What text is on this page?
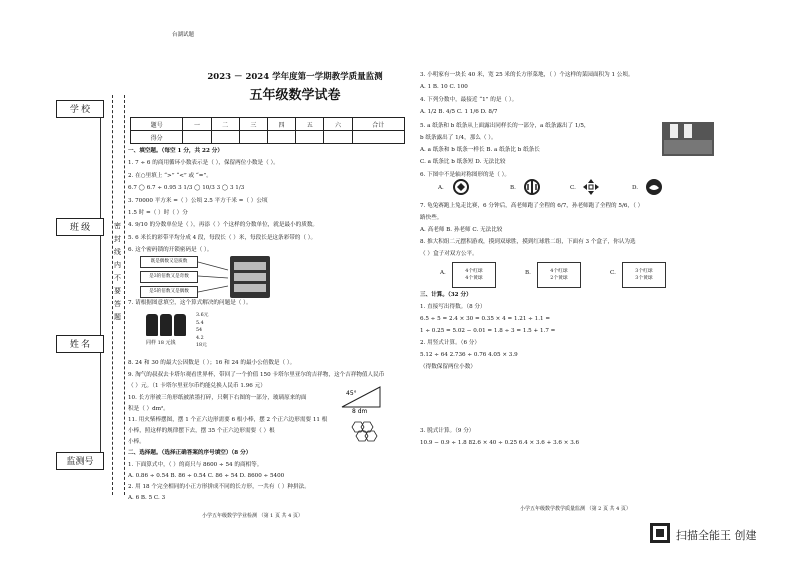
台湖试题
学 校
班 级
姓 名
监测号
密 封 线 内 不 要 答 题
2023 － 2024 学年度第一学期教学质量监测
五年级数学试卷
题号	一	二	三	四	五	六	合计
得分							
一、填空题。（每空 1 分，共 22 分）
1. 7 ÷ 6 的商用循环小数表示是（ ），保留两位小数是（ ）。
2. 在○里填上 “>” “<” 或 “=”。
6.7 ◯ 6.7 ÷ 0.95 3 1/3 ◯ 10/3 3 ◯ 3 1/3
3. 70000 平方米 =（ ）公顷 2.5 平方千米 =（ ）公顷
1.5 时 =（ ）时（ ）分
4. 9/10 的分数单位是（ ），再添（ ）个这样的分数单位，就是最小的质数。
5. 6 米长的彩带平均分成 4 段，每段长（ ）米，每段长是这条彩带的（ ）。
6. 这个密码锁的开锁密码是（ ）。
既是偶数又是质数
是3的倍数又是奇数
是5的倍数又是偶数
7. 请根据图意填空，这个算式解决的问题是（ ）。
同样 18 元钱
3.6元
5.4
54
4.2
18元
8. 24 和 30 的最大公因数是（ ）；16 和 24 的最小公倍数是（ ）。
9. 淘气的叔叔去卡塔尔观看世界杯，带回了一个价值 150 卡塔尔里亚尔的吉祥物，这个吉祥物值人民币
（ ）元。（1 卡塔尔里亚尔币约能兑换人民币 1.96 元）
10. 长方形被三角形纸被浓墨打碎，只剩下右图的一部分，玻璃原来的面
积是（ ）dm²。
45°
8 dm
11. 用火柴棒摆图，摆 1 个正六边形需要 6 根小棒，摆 2 个正六边形需要 11 根
小棒，照这样的规律摆下去，摆 35 个正六边形需要（ ）根
小棒。
二、选择题。（选择正确答案的序号填空）（8 分）
1. 下面算式中，（ ）的商只与 8600 ÷ 54 的商相等。
A. 0.86 ÷ 0.54 B. 86 ÷ 0.54 C. 86 ÷ 54 D. 8600 ÷ 5400
2. 用 18 个完全相同的小正方形拼成不同的长方形，一共有（ ）种拼法。
A. 6 B. 5 C. 3
小学五年级数学学业检测 （第 1 页 共 4 页）
3. 小明家有一块长 40 米，宽 25 米的长方形菜地，（ ）个这样的菜园面积为 1 公顷。
A. 1 B. 10 C. 100
4. 下列分数中，最接近 “1” 的是（ ）。
A. 1/2 B. 4/5 C. 1 1/6 D. 8/7
5. a 纸条和 b 纸条从上面露出同样长的一部分，a 纸条露出了 1/5，
b 纸条露出了 1/4，那么（ ）。
A. a 纸条和 b 纸条一样长 B. a 纸条比 b 纸条长
C. a 纸条比 b 纸条短 D. 无法比较
6. 下图中不是轴对称图形的是（ ）。
A.	B.	C.	D.
7. 龟兔赛跑上兔走比赛，6 分钟后，高老师跑了全程的 6/7，孙老师跑了全程的 5/6，（ ）
路快些。
A. 高老师 B. 孙老师 C. 无法比较
8. 推大积组二元摆积游戏，摸到双球胜，摸到红球胜二组，下面有 3 个盒子，你认为选
（ ）盒子对双方公平。
A.	4个红球
4个黄球
B.	4个红球
2个黄球
C.	3个红球
3个黄球
三、计算。（32 分）
1. 直接写出得数。（8 分）
6.5 ÷ 5 = 2.4 × 30 = 0.35 × 4 = 1.21 ÷ 1.1 =
1 ÷ 0.25 = 5.02 − 0.01 = 1.8 ÷ 3 = 1.5 + 1.7 =
2. 用竖式计算。（6 分）
5.12 ÷ 64 2.736 ÷ 0.76 4.05 × 3.9
（得数保留两位小数）
3. 脱式计算。（9 分）
10.9 − 0.9 ÷ 1.8 82.6 × 40 ÷ 0.25 6.4 × 3.6 + 3.6 × 3.6
小学五年级数学教学质量监测 （第 2 页 共 4 页）
扫描全能王 创建
